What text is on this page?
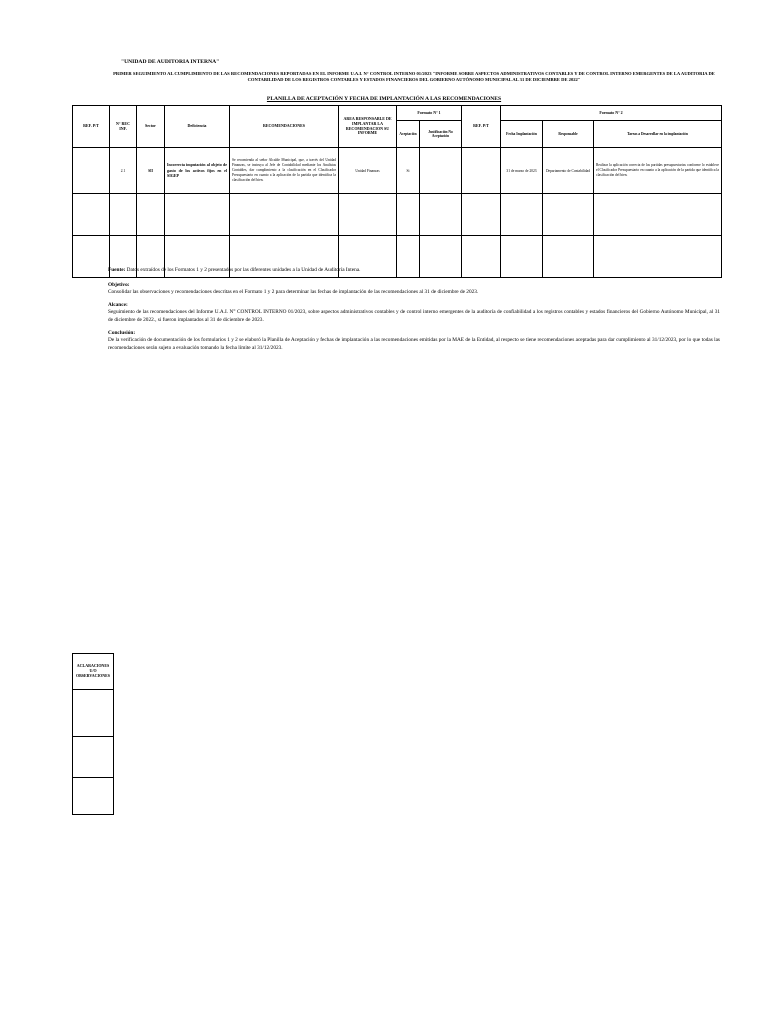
"UNIDAD DE AUDITORIA INTERNA"
PRIMER SEGUIMIENTO AL CUMPLIMIENTO DE LAS RECOMENDACIONES REPORTADAS EN EL INFORME U.A.I. N° CONTROL INTERNO 01/2023 "INFORME SOBRE ASPECTOS ADMINISTRATIVOS CONTABLES Y DE CONTROL INTERNO EMERGENTES DE LA AUDITORIA DE CONTABILIDAD DE LOS REGISTROS CONTABLES Y ESTADOS FINANCIEROS DEL GOBIERNO AUTÓNOMO MUNICIPAL AL 31 DE DICIEMBRE DE 2022"
PLANILLA DE ACEPTACIÓN Y FECHA DE IMPLANTACIÓN A LAS RECOMENDACIONES
REF. P/T	N° REC INF.	Sector	Deficiencia	RECOMENDACIONES	AREA RESPONSABLE DE IMPLANTAR LA RECOMENDACION SU INFORME	Formato N° 1		REF. P/T	Formato N° 2		
						Aceptación	Justificación No Aceptación		Fecha Implantación	Responsable	Tareas a Desarrollar en la implantación
	2.1	SII	Incorrecta imputación al objeto de gasto de los activos fijos en el SIGEP	Se recomienda al señor Alcalde Municipal, que, a través del Unidad Finanzas, se instruya al Jefe de Contabilidad mediante los Analistas Contables, dar cumplimiento a la clasificación en el Clasificador Presupuestario en cuanto a la aplicación de la partida que identifica la clasificación del bien.	Unidad Finanzas	Si			31 de marzo de 2023	Departamento de Contabilidad	Realizar la aplicación correcta de las partidas presupuestarias conforme lo establece el Clasificador Presupuestario en cuanto a la aplicación de la partida que identifica la clasificación del bien.

Fuente: Datos extraídos de los Formatos 1 y 2 presentados por las diferentes unidades a la Unidad de Auditoría Intena.
Objetivo:
Consolidar las observaciones y recomendaciones descritas en el Formato 1 y 2 para determinar las fechas de implantación de las recomendaciones al 31 de diciembre de 2023.
Alcance:
Seguimiento de las recomendaciones del Informe U.A.I. N° CONTROL INTERNO 01/2023, sobre aspectos administrativos contables y de control interno emergentes de la auditoría de confiabilidad a los registros contables y estados financieros del Gobierno Autónomo Municipal, al 31 de diciembre de 2022., si fueron implantados al 31 de diciembre de 2023.
Conclusión:
De la verificación de documentación de los formularios 1 y 2 se elaboró la Planilla de Aceptación y fechas de implantación a las recomendaciones emitidas por la MAE de la Entidad, al respecto se tiene recomendaciones aceptadas para dar cumplimiento al 31/12/2023, por lo que todas las recomendaciones serán sujeto a evaluación tomando la fecha límite al 31/12/2023.
ACLARACIONES U/O OBSERVACIONES
